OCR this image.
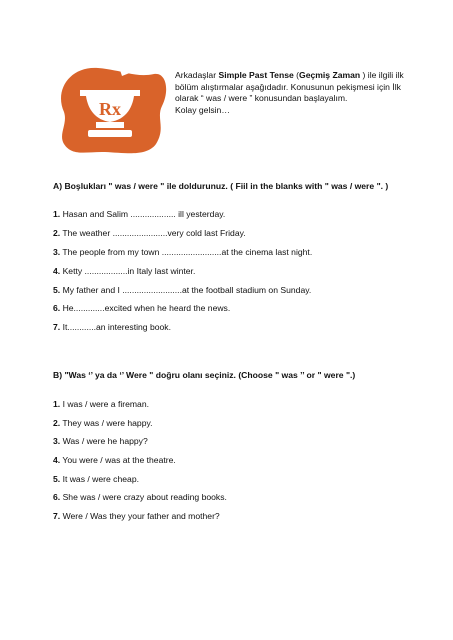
Rx
Arkadaşlar Simple Past Tense (Geçmiş Zaman ) ile ilgili ilk
bölüm alıştırmalar aşağıdadır. Konusunun pekişmesi için İlk
olarak “ was / were ” konusundan başlayalım.
Kolay gelsin…
A) Boşlukları " was / were " ile doldurunuz. ( Fiil in the blanks with " was / were ". )
1. Hasan and Salim ................... ill yesterday.
2. The weather .......................very cold last Friday.
3. The people from my town .........................at the cinema last night.
4. Ketty ..................in Italy last winter.
5. My father and I .........................at the football stadium on Sunday.
6. He.............excited when he heard the news.
7. It............an interesting book.
B) "Was ‘’ ya da ‘’ Were " doğru olanı seçiniz. (Choose " was ’’ or " were ".)
1. I was / were a fireman.
2. They was / were happy.
3. Was / were he happy?
4. You were / was at the theatre.
5. It was / were cheap.
6. She was / were crazy about reading books.
7. Were / Was they your father and mother?
